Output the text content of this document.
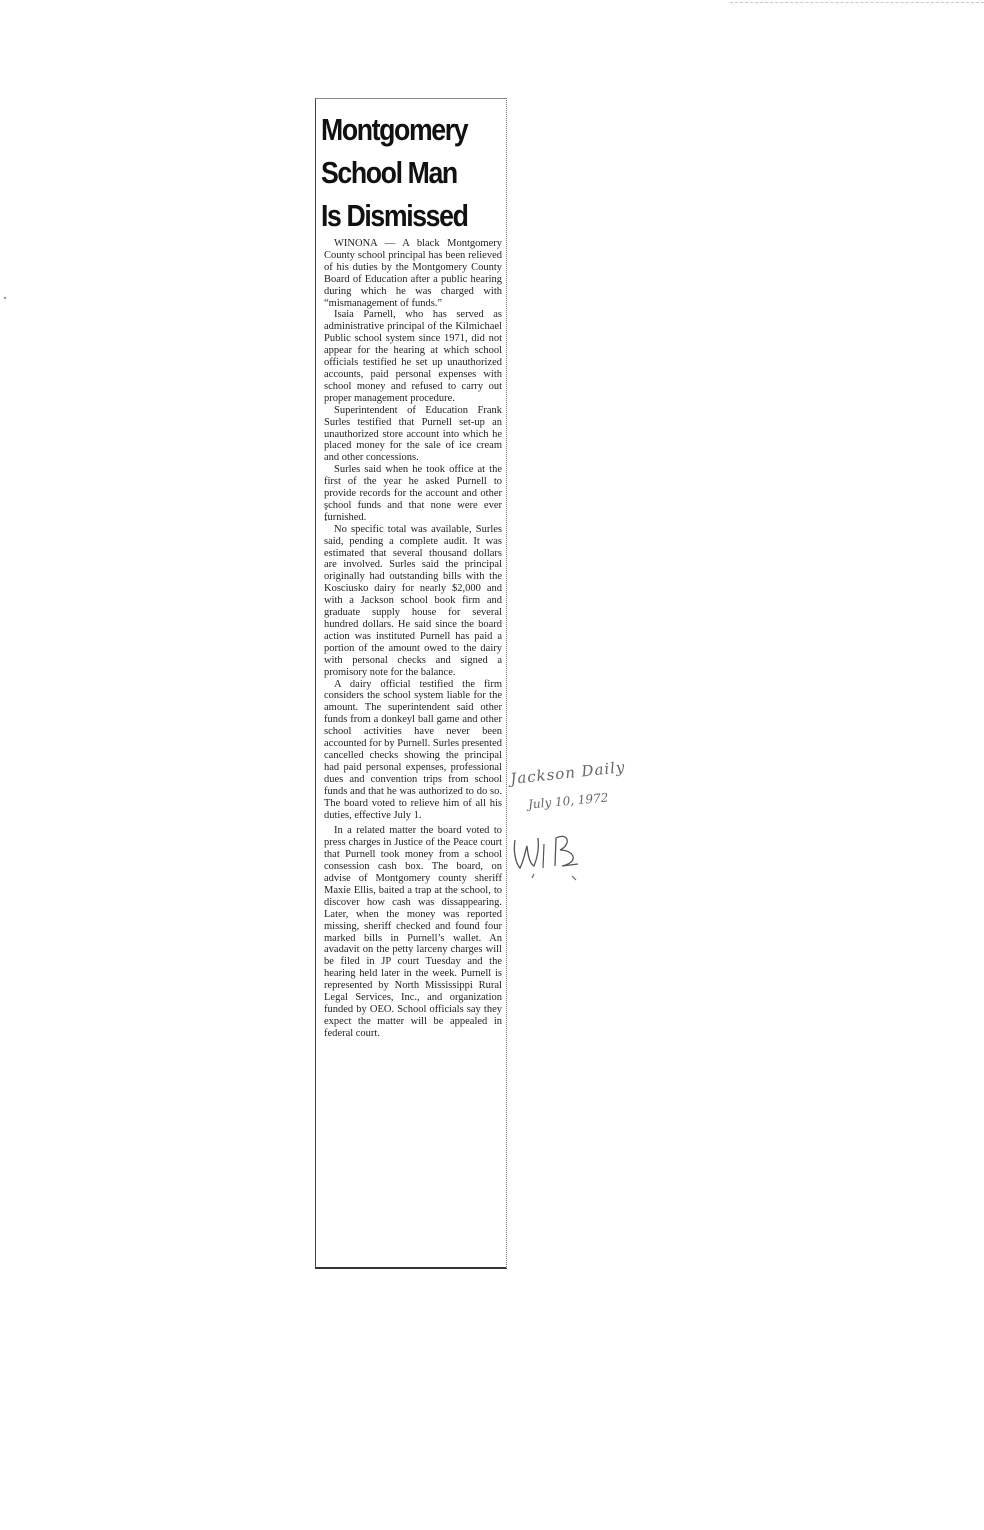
Montgomery
School Man
Is Dismissed

WINONA — A black Montgomery County school principal has been relieved of his duties by the Montgomery County Board of Education after a public hearing during which he was charged with “mismanagement of funds.”

Isaia Parnell, who has served as administrative principal of the Kilmichael Public school system since 1971, did not appear for the hearing at which school officials testified he set up unauthorized accounts, paid personal expenses with school money and refused to carry out proper management procedure.

Superintendent of Education Frank Surles testified that Purnell set-up an unauthorized store account into which he placed money for the sale of ice cream and other concessions.

Surles said when he took office at the first of the year he asked Purnell to provide records for the account and other school funds and that none were ever furnished.

No specific total was available, Surles said, pending a complete audit. It was estimated that several thousand dollars are involved. Surles said the principal originally had outstanding bills with the Kosciusko dairy for nearly $2,000 and with a Jackson school book firm and graduate supply house for several hundred dollars. He said since the board action was instituted Purnell has paid a portion of the amount owed to the dairy with personal checks and signed a promisory note for the balance.

A dairy official testified the firm considers the school system liable for the amount. The superintendent said other funds from a donkeyl ball game and other school activities have never been accounted for by Purnell. Surles presented cancelled checks showing the principal had paid personal expenses, professional dues and convention trips from school funds and that he was authorized to do so. The board voted to relieve him of all his duties, effective July 1.

In a related matter the board voted to press charges in Justice of the Peace court that Purnell took money from a school consession cash box. The board, on advise of Montgomery county sheriff Maxie Ellis, baited a trap at the school, to discover how cash was dissappearing. Later, when the money was reported missing, sheriff checked and found four marked bills in Purnell’s wallet. An avadavit on the petty larceny charges will be filed in JP court Tuesday and the hearing held later in the week. Purnell is represented by North Mississippi Rural Legal Services, Inc., and organization funded by OEO. School officials say they expect the matter will be appealed in federal court.

Jackson Daily
July 10, 1972
